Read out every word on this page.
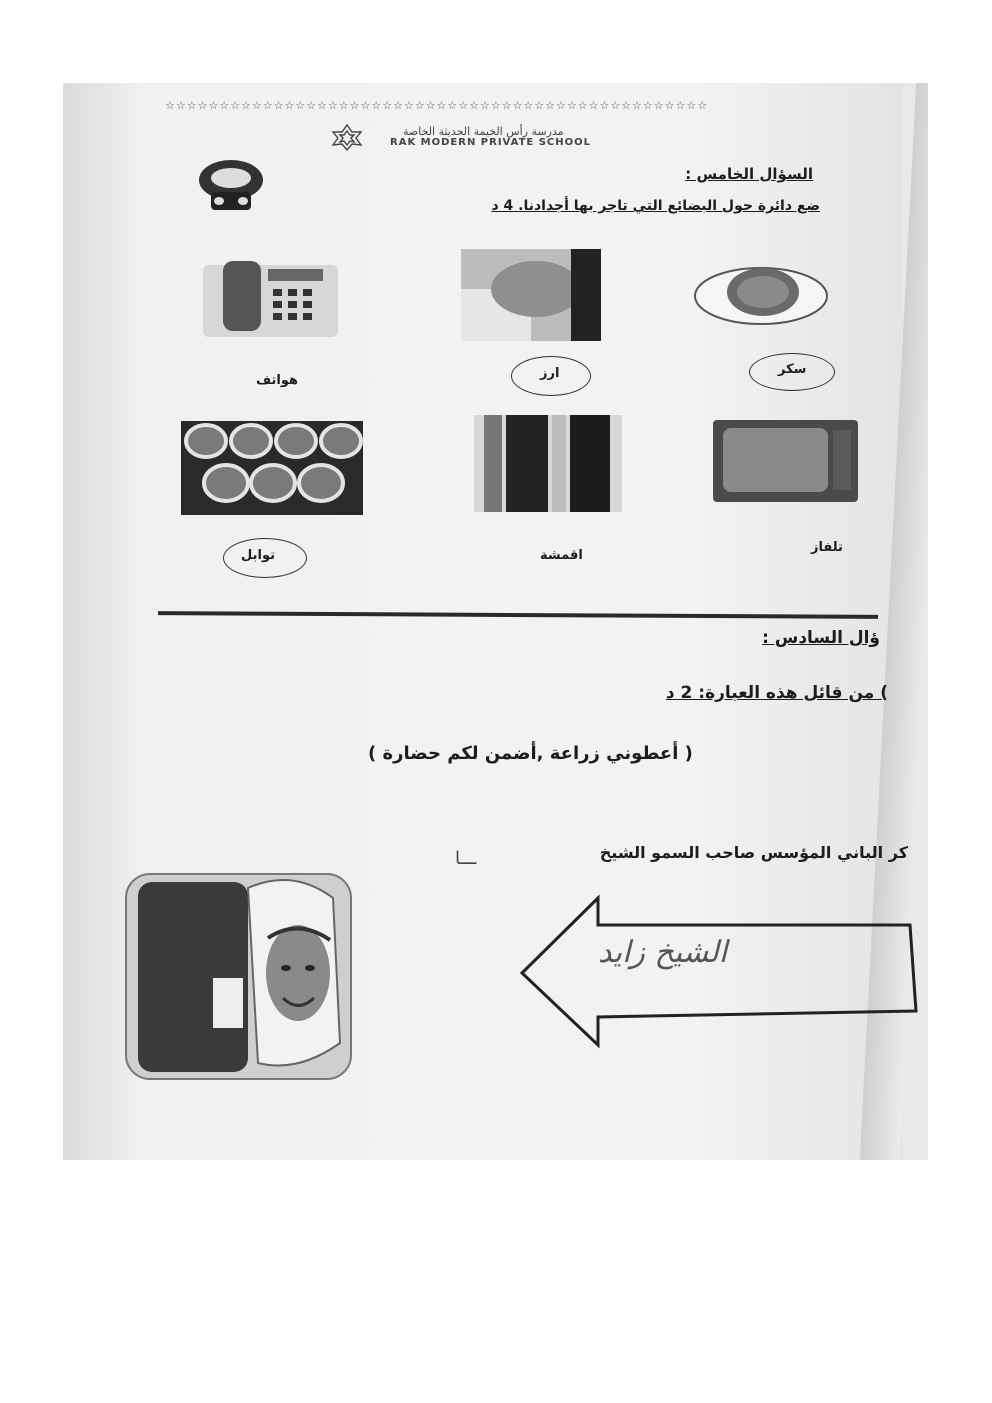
☆☆☆☆☆☆☆☆☆☆☆☆☆☆☆☆☆☆☆☆☆☆☆☆☆☆☆☆☆☆☆☆☆☆☆☆☆☆☆☆☆☆☆☆☆☆☆☆☆☆
مدرسة رأس الخيمة الحديثة الخاصة
RAK MODERN PRIVATE SCHOOL
السؤال الخامس :
ضع دائرة حول البضائع التي تاجر بها أجدادنا. 4 د
سكر
ارز
هواتف
تلفاز
اقمشة
توابل
ؤال السادس :
) من قائل هذه العبارة: 2 د
( أعطوني زراعة ,أضمن لكم حضارة )
كر الباني المؤسس صاحب السمو الشيخ
ـــا
الشيخ زايد
